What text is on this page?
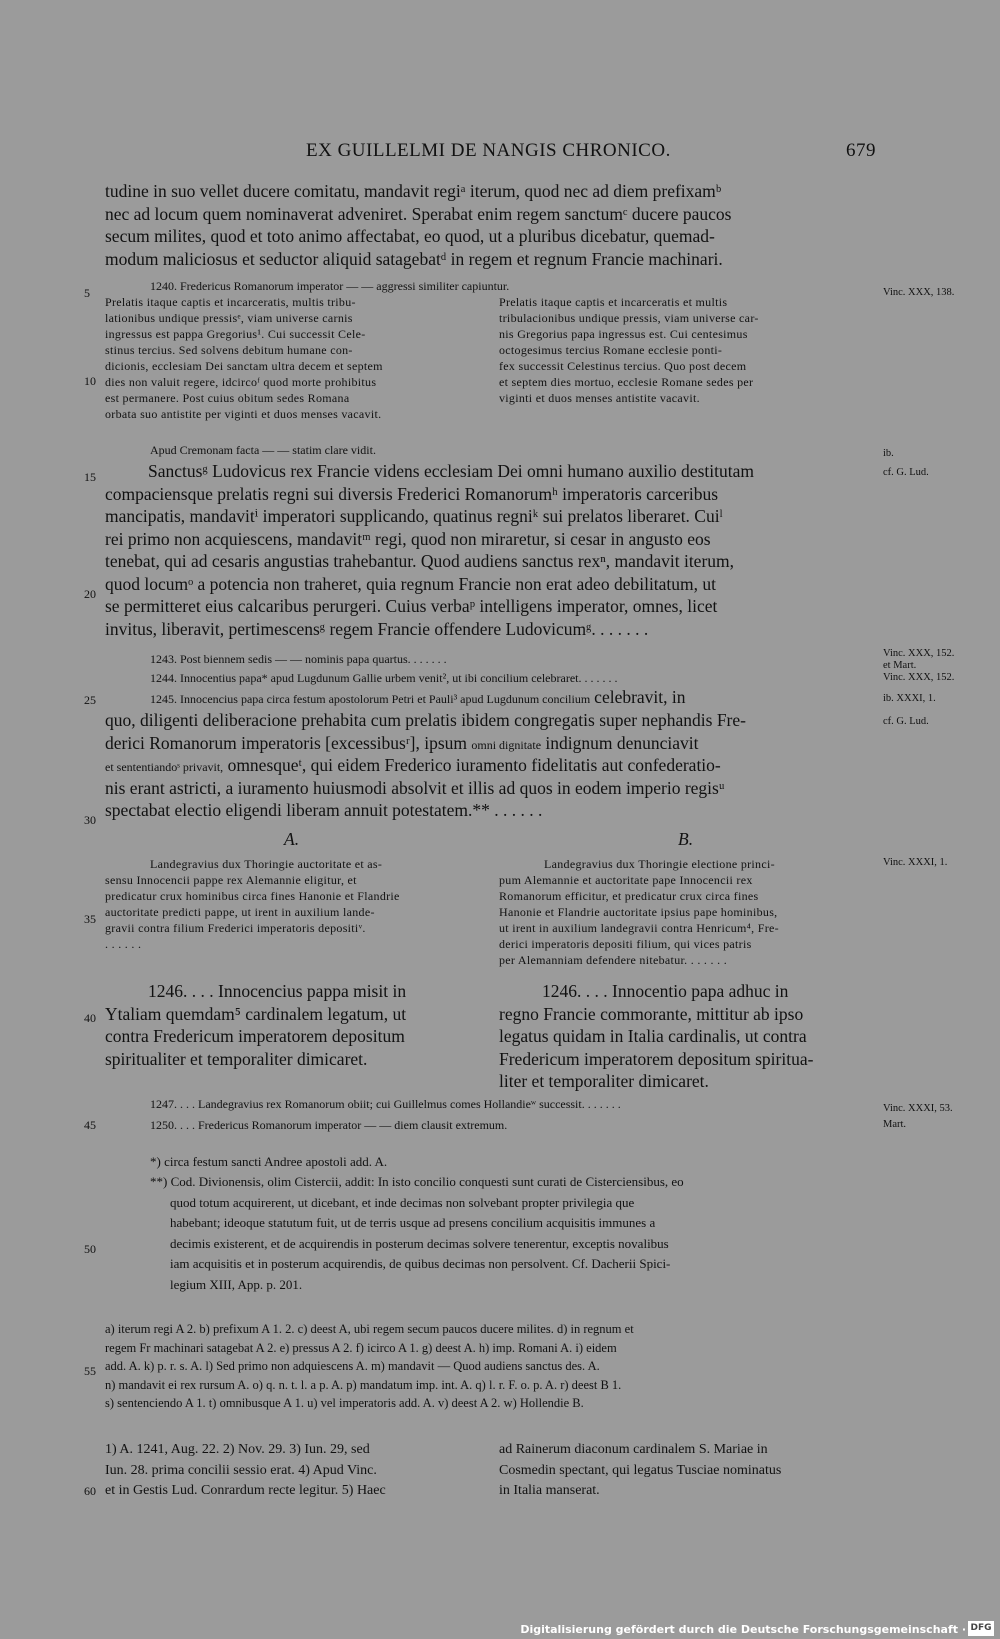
EX GUILLELMI DE NANGIS CHRONICO.	679
tudine in suo vellet ducere comitatu, mandavit regiᵃ iterum, quod nec ad diem prefixamᵇ
nec ad locum quem nominaverat adveniret. Sperabat enim regem sanctumᶜ ducere paucos
secum milites, quod et toto animo affectabat, eo quod, ut a pluribus dicebatur, quemad-
modum maliciosus et seductor aliquid satagebatᵈ in regem et regnum Francie machinari.
1240. Fredericus Romanorum imperator — — aggressi similiter capiuntur.
Prelatis itaque captis et incarceratis, multis tribu-
lationibus undique pressisᵉ, viam universe carnis
ingressus est pappa Gregorius¹. Cui successit Cele-
stinus tercius. Sed solvens debitum humane con-
dicionis, ecclesiam Dei sanctam ultra decem et septem
dies non valuit regere, idcircoᶠ quod morte prohibitus
est permanere. Post cuius obitum sedes Romana
orbata suo antistite per viginti et duos menses vacavit.
Prelatis itaque captis et incarceratis et multis
tribulacionibus undique pressis, viam universe car-
nis Gregorius papa ingressus est. Cui centesimus
octogesimus tercius Romane ecclesie ponti-
fex successit Celestinus tercius. Quo post decem
et septem dies mortuo, ecclesie Romane sedes per
viginti et duos menses antistite vacavit.
Apud Cremonam facta — — statim clare vidit.
Sanctusᵍ Ludovicus rex Francie videns ecclesiam Dei omni humano auxilio destitutam
compaciensque prelatis regni sui diversis Frederici Romanorumʰ imperatoris carceribus
mancipatis, mandavitⁱ imperatori supplicando, quatinus regniᵏ sui prelatos liberaret. Cuiˡ
rei primo non acquiescens, mandavitᵐ regi, quod non miraretur, si cesar in angusto eos
tenebat, qui ad cesaris angustias trahebantur. Quod audiens sanctus rexⁿ, mandavit iterum,
quod locumᵒ a potencia non traheret, quia regnum Francie non erat adeo debilitatum, ut
se permitteret eius calcaribus perurgeri. Cuius verbaᵖ intelligens imperator, omnes, licet
invitus, liberavit, pertimescensᵍ regem Francie offendere Ludovicumᵍ. . . . . . .
1243. Post biennem sedis — — nominis papa quartus. . . . . . .
1244. Innocentius papa* apud Lugdunum Gallie urbem venit², ut ibi concilium celebraret. . . . . . .
1245. Innocencius papa circa festum apostolorum Petri et Pauli³ apud Lugdunum concilium celebravit, in
quo, diligenti deliberacione prehabita cum prelatis ibidem congregatis super nephandis Fre-
derici Romanorum imperatoris [excessibusʳ], ipsum omni dignitate indignum denunciavit
et sententiandoˢ privavit, omnesqueᵗ, qui eidem Frederico iuramento fidelitatis aut confederatio-
nis erant astricti, a iuramento huiusmodi absolvit et illis ad quos in eodem imperio regisᵘ
spectabat electio eligendi liberam annuit potestatem.** . . . . . .
A.	B.
Landegravius dux Thoringie auctoritate et as-
sensu Innocencii pappe rex Alemannie eligitur, et
predicatur crux hominibus circa fines Hanonie et Flandrie
auctoritate predicti pappe, ut irent in auxilium lande-
gravii contra filium Frederici imperatoris depositiᵛ.
. . . . . .
Landegravius dux Thoringie electione princi-
pum Alemannie et auctoritate pape Innocencii rex
Romanorum efficitur, et predicatur crux circa fines
Hanonie et Flandrie auctoritate ipsius pape hominibus,
ut irent in auxilium landegravii contra Henricum⁴, Fre-
derici imperatoris depositi filium, qui vices patris
per Alemanniam defendere nitebatur. . . . . . .
1246. . . . Innocencius pappa misit in
Ytaliam quemdam⁵ cardinalem legatum, ut
contra Fredericum imperatorem depositum
spiritualiter et temporaliter dimicaret.
1246. . . . Innocentio papa adhuc in
regno Francie commorante, mittitur ab ipso
legatus quidam in Italia cardinalis, ut contra
Fredericum imperatorem depositum spiritua-
liter et temporaliter dimicaret.
1247. . . . Landegravius rex Romanorum obiit; cui Guillelmus comes Hollandieʷ successit. . . . . . .
1250. . . . Fredericus Romanorum imperator — — diem clausit extremum.
*) circa festum sancti Andree apostoli add. A.
**) Cod. Divionensis, olim Cistercii, addit: In isto concilio conquesti sunt curati de Cisterciensibus, eo
quod totum acquirerent, ut dicebant, et inde decimas non solvebant propter privilegia que
habebant; ideoque statutum fuit, ut de terris usque ad presens concilium acquisitis immunes a
decimis existerent, et de acquirendis in posterum decimas solvere tenerentur, exceptis novalibus
iam acquisitis et in posterum acquirendis, de quibus decimas non persolvent. Cf. Dacherii Spici-
legium XIII, App. p. 201.
a) iterum regi A 2. b) prefixum A 1. 2. c) deest A, ubi regem secum paucos ducere milites. d) in regnum et
regem Fr machinari satagebat A 2. e) pressus A 2. f) icirco A 1. g) deest A. h) imp. Romani A. i) eidem
add. A. k) p. r. s. A. l) Sed primo non adquiescens A. m) mandavit — Quod audiens sanctus des. A.
n) mandavit ei rex rursum A. o) q. n. t. l. a p. A. p) mandatum imp. int. A. q) l. r. F. o. p. A. r) deest B 1.
s) sentenciendo A 1. t) omnibusque A 1. u) vel imperatoris add. A. v) deest A 2. w) Hollendie B.
1) A. 1241, Aug. 22. 2) Nov. 29. 3) Iun. 29, sed
Iun. 28. prima concilii sessio erat. 4) Apud Vinc.
et in Gestis Lud. Conrardum recte legitur. 5) Haec
ad Rainerum diaconum cardinalem S. Mariae in
Cosmedin spectant, qui legatus Tusciae nominatus
in Italia manserat.
5
10
15
20
25
30
35
40
45
50
55
60
Vinc. XXX, 138.
ib.
cf. G. Lud.
Vinc. XXX, 152.
et Mart.
Vinc. XXX, 152.
ib. XXXI, 1.
cf. G. Lud.
Vinc. XXXI, 1.
Vinc. XXXI, 53.
Mart.
Digitalisierung gefördert durch die Deutsche Forschungsgemeinschaft · DFG
